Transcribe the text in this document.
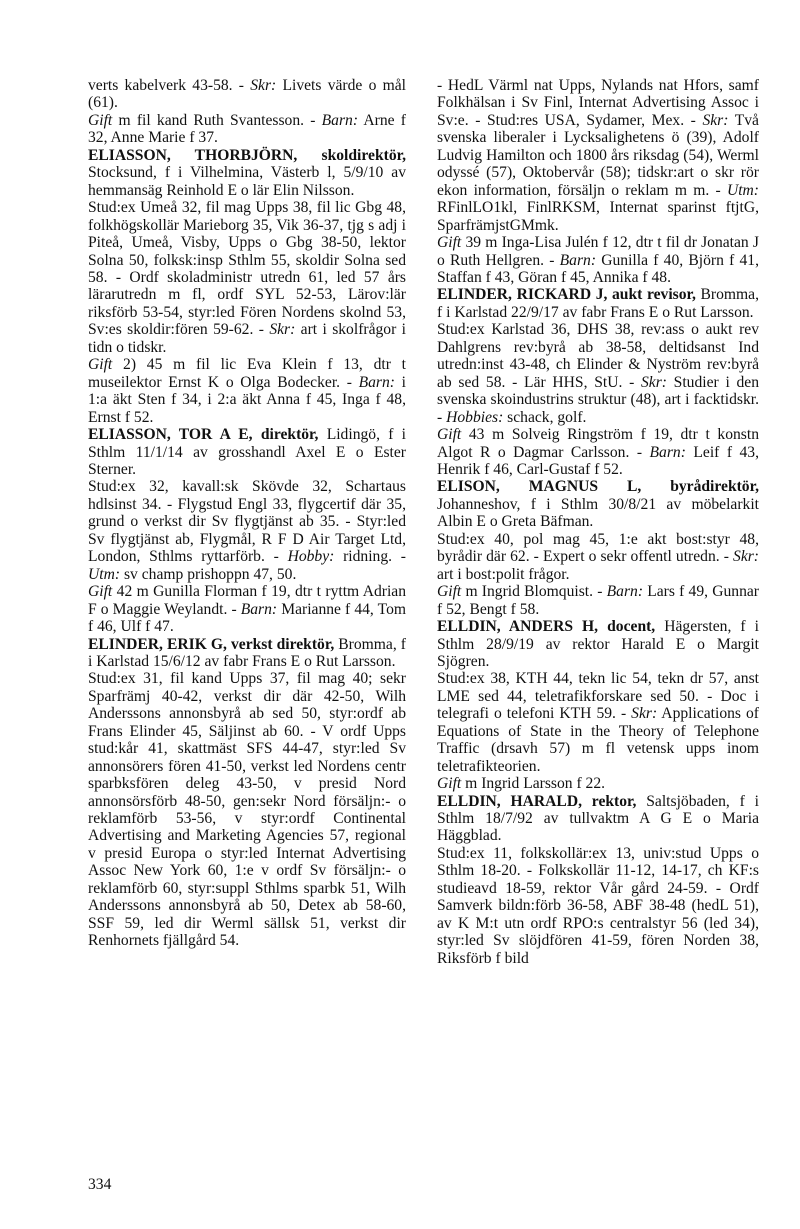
verts kabelverk 43-58. - Skr: Livets värde o mål (61).

Gift m fil kand Ruth Svantesson. - Barn: Arne f 32, Anne Marie f 37.

ELIASSON, THORBJÖRN, skoldirektör, Stocksund, f i Vilhelmina, Västerb l, 5/9/10 av hemmansäg Reinhold E o lär Elin Nilsson.

Stud:ex Umeå 32, fil mag Upps 38, fil lic Gbg 48, folkhögskollär Marieborg 35, Vik 36-37, tjg s adj i Piteå, Umeå, Visby, Upps o Gbg 38-50, lektor Solna 50, folksk:insp Sthlm 55, skoldir Solna sed 58. - Ordf skoladministr utredn 61, led 57 års lärarutredn m fl, ordf SYL 52-53, Lärov:lär riksförb 53-54, styr:led Fören Nordens skolnd 53, Sv:es skoldir:fören 59-62. - Skr: art i skolfrågor i tidn o tidskr.

Gift 2) 45 m fil lic Eva Klein f 13, dtr t museilektor Ernst K o Olga Bodecker. - Barn: i 1:a äkt Sten f 34, i 2:a äkt Anna f 45, Inga f 48, Ernst f 52.

ELIASSON, TOR A E, direktör, Lidingö, f i Sthlm 11/1/14 av grosshandl Axel E o Ester Sterner.

Stud:ex 32, kavall:sk Skövde 32, Schartaus hdlsinst 34. - Flygstud Engl 33, flygcertif där 35, grund o verkst dir Sv flygtjänst ab 35. - Styr:led Sv flygtjänst ab, Flygmål, R F D Air Target Ltd, London, Sthlms ryttarförb. - Hobby: ridning. - Utm: sv champ prishoppn 47, 50.

Gift 42 m Gunilla Florman f 19, dtr t ryttm Adrian F o Maggie Weylandt. - Barn: Marianne f 44, Tom f 46, Ulf f 47.

ELINDER, ERIK G, verkst direktör, Bromma, f i Karlstad 15/6/12 av fabr Frans E o Rut Larsson.

Stud:ex 31, fil kand Upps 37, fil mag 40; sekr Sparfrämj 40-42, verkst dir där 42-50, Wilh Anderssons annonsbyrå ab sed 50, styr:ordf ab Frans Elinder 45, Säljinst ab 60. - V ordf Upps stud:kår 41, skattmäst SFS 44-47, styr:led Sv annonsörers fören 41-50, verkst led Nordens centr sparbksfören deleg 43-50, v presid Nord annonsörsförb 48-50, gen:sekr Nord försäljn:- o reklamförb 53-56, v styr:ordf Continental Advertising and Marketing Agencies 57, regional v presid Europa o styr:led Internat Advertising Assoc New York 60, 1:e v ordf Sv försäljn:- o reklamförb 60, styr:suppl Sthlms sparbk 51, Wilh Anderssons annonsbyrå ab 50, Detex ab 58-60, SSF 59, led dir Werml sällsk 51, verkst dir Renhornets fjällgård 54.

- HedL Värml nat Upps, Nylands nat Hfors, samf Folkhälsan i Sv Finl, Internat Advertising Assoc i Sv:e. - Stud:res USA, Sydamer, Mex. - Skr: Två svenska liberaler i Lycksalighetens ö (39), Adolf Ludvig Hamilton och 1800 års riksdag (54), Werml odyssé (57), Oktobervår (58); tidskr:art o skr rör ekon information, försäljn o reklam m m. - Utm: RFinlLO1kl, FinlRKSM, Internat sparinst ftjtG, SparfrämjstGMmk.

Gift 39 m Inga-Lisa Julén f 12, dtr t fil dr Jonatan J o Ruth Hellgren. - Barn: Gunilla f 40, Björn f 41, Staffan f 43, Göran f 45, Annika f 48.

ELINDER, RICKARD J, aukt revisor, Bromma, f i Karlstad 22/9/17 av fabr Frans E o Rut Larsson.

Stud:ex Karlstad 36, DHS 38, rev:ass o aukt rev Dahlgrens rev:byrå ab 38-58, deltidsanst Ind utredn:inst 43-48, ch Elinder & Nyström rev:byrå ab sed 58. - Lär HHS, StU. - Skr: Studier i den svenska skoindustrins struktur (48), art i facktidskr. - Hobbies: schack, golf.

Gift 43 m Solveig Ringström f 19, dtr t konstn Algot R o Dagmar Carlsson. - Barn: Leif f 43, Henrik f 46, Carl-Gustaf f 52.

ELISON, MAGNUS L, byrådirektör, Johanneshov, f i Sthlm 30/8/21 av möbelarkit Albin E o Greta Bäfman.

Stud:ex 40, pol mag 45, 1:e akt bost:styr 48, byrådir där 62. - Expert o sekr offentl utredn. - Skr: art i bost:polit frågor.

Gift m Ingrid Blomquist. - Barn: Lars f 49, Gunnar f 52, Bengt f 58.

ELLDIN, ANDERS H, docent, Hägersten, f i Sthlm 28/9/19 av rektor Harald E o Margit Sjögren.

Stud:ex 38, KTH 44, tekn lic 54, tekn dr 57, anst LME sed 44, teletrafikforskare sed 50. - Doc i telegrafi o telefoni KTH 59. - Skr: Applications of Equations of State in the Theory of Telephone Traffic (drsavh 57) m fl vetensk upps inom teletrafikteorien.

Gift m Ingrid Larsson f 22.

ELLDIN, HARALD, rektor, Saltsjöbaden, f i Sthlm 18/7/92 av tullvaktm A G E o Maria Häggblad.

Stud:ex 11, folkskollär:ex 13, univ:stud Upps o Sthlm 18-20. - Folkskollär 11-12, 14-17, ch KF:s studieavd 18-59, rektor Vår gård 24-59. - Ordf Samverk bildn:förb 36-58, ABF 38-48 (hedL 51), av K M:t utn ordf RPO:s centralstyr 56 (led 34), styr:led Sv slöjdfören 41-59, fören Norden 38, Riksförb f bild

334
